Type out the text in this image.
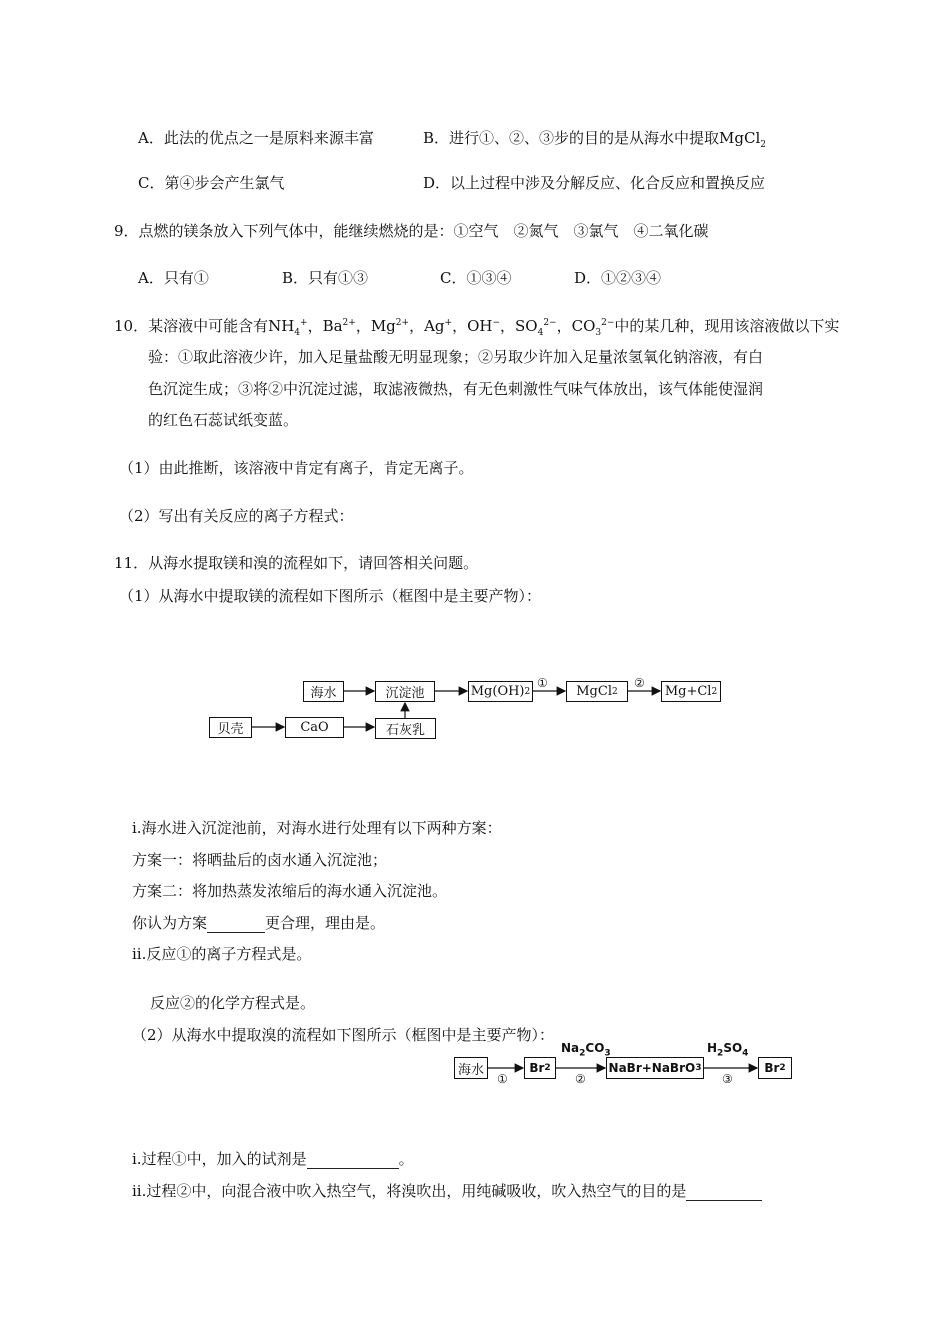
A．此法的优点之一是原料来源丰富	B．进行①、②、③步的目的是从海水中提取MgCl$_2$
C．第④步会产生氯气	D．以上过程中涉及分解反应、化合反应和置换反应
9．点燃的镁条放入下列气体中，能继续燃烧的是：①空气　②氮气　③氯气　④二氧化碳
A．只有①	B．只有①③	C．①③④	D．①②③④
10．某溶液中可能含有$NH_4^+$，$Ba^{2+}$，$Mg^{2+}$，Ag+，OH−，$SO_4^{2-}$，$CO_3^{2-}$中的某几种，现用该溶液做以下实
验：①取此溶液少许，加入足量盐酸无明显现象；②另取少许加入足量浓氢氧化钠溶液，有白
色沉淀生成；③将②中沉淀过滤，取滤液微热，有无色刺激性气味气体放出，该气体能使湿润
的红色石蕊试纸变蓝。
（1）由此推断，该溶液中肯定有离子，肯定无离子。
（2）写出有关反应的离子方程式：
11．从海水提取镁和溴的流程如下，请回答相关问题。
（1）从海水中提取镁的流程如下图所示（框图中是主要产物）：
海水	沉淀池	Mg(OH) 2	MgCl 2	Mg+Cl 2
贝壳	CaO	石灰乳
①	②
i.海水进入沉淀池前，对海水进行处理有以下两种方案：
方案一：将晒盐后的卤水通入沉淀池；
方案二：将加热蒸发浓缩后的海水通入沉淀池。
你认为方案	更合理，理由是。
ii.反应①的离子方程式是。
反应②的化学方程式是。
（2）从海水中提取溴的流程如下图所示（框图中是主要产物）：
海水	Br 2	NaBr+NaBrO 3	Br 2
$Na_2CO_3$	$H_2SO_4$
①	②	③
i.过程①中，加入的试剂是	。
ii.过程②中，向混合液中吹入热空气，将溴吹出，用纯碱吸收，吹入热空气的目的是
